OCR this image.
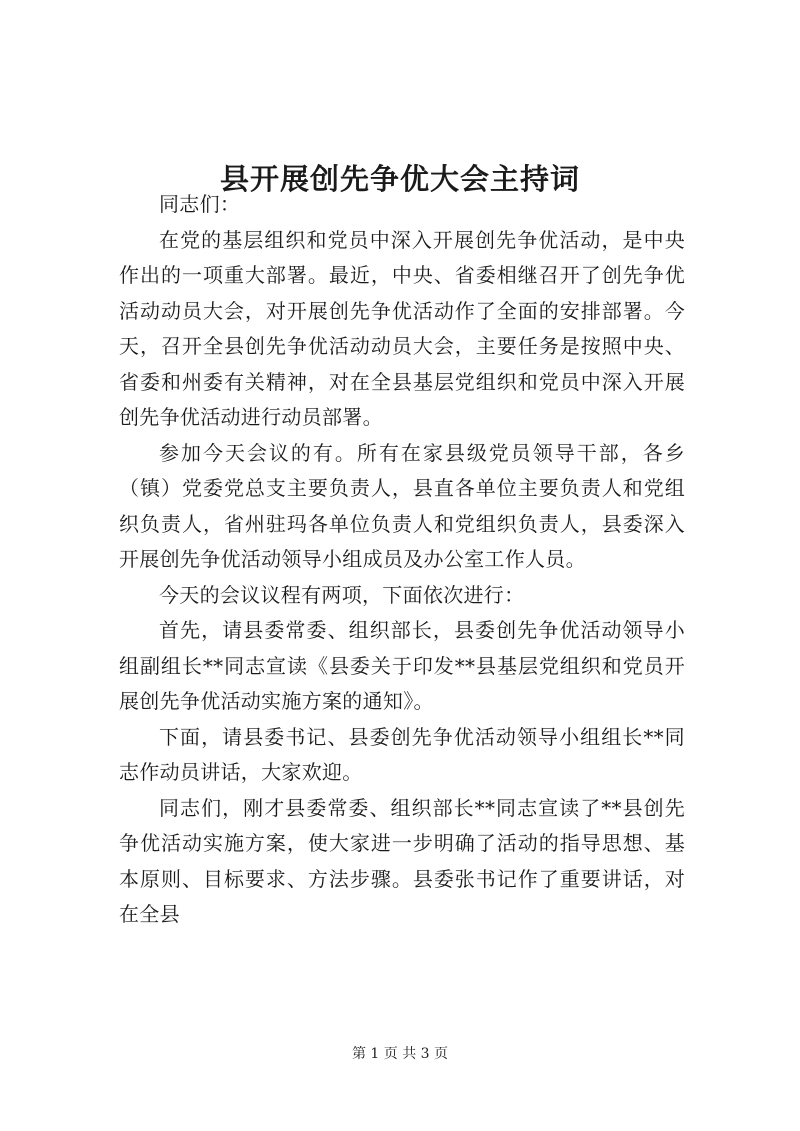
县开展创先争优大会主持词

同志们：

在党的基层组织和党员中深入开展创先争优活动，是中央作出的一项重大部署。最近，中央、省委相继召开了创先争优活动动员大会，对开展创先争优活动作了全面的安排部署。今天，召开全县创先争优活动动员大会，主要任务是按照中央、省委和州委有关精神，对在全县基层党组织和党员中深入开展创先争优活动进行动员部署。

参加今天会议的有。所有在家县级党员领导干部，各乡（镇）党委党总支主要负责人，县直各单位主要负责人和党组织负责人，省州驻玛各单位负责人和党组织负责人，县委深入开展创先争优活动领导小组成员及办公室工作人员。

今天的会议议程有两项，下面依次进行：

首先，请县委常委、组织部长，县委创先争优活动领导小组副组长**同志宣读《县委关于印发**县基层党组织和党员开展创先争优活动实施方案的通知》。

下面，请县委书记、县委创先争优活动领导小组组长**同志作动员讲话，大家欢迎。

同志们，刚才县委常委、组织部长**同志宣读了**县创先争优活动实施方案，使大家进一步明确了活动的指导思想、基本原则、目标要求、方法步骤。县委张书记作了重要讲话，对在全县

第 1 页 共 3 页
